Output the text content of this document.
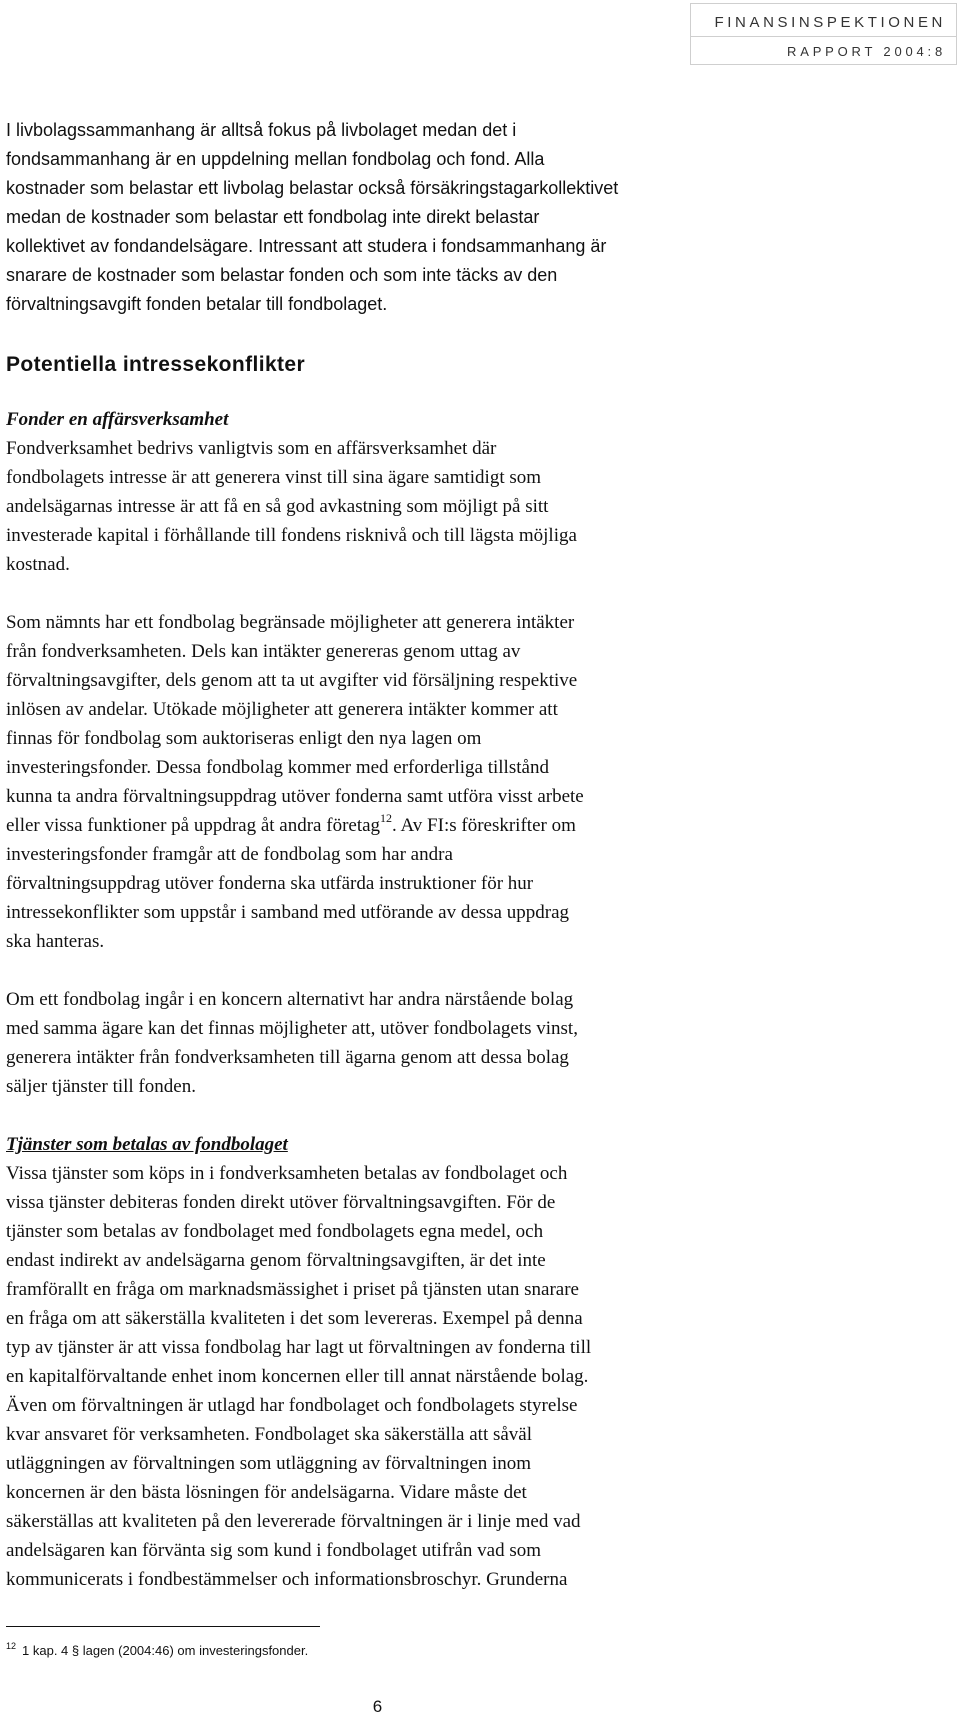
FINANSINSPEKTIONEN
RAPPORT 2004:8

I livbolagssammanhang är alltså fokus på livbolaget medan det i
fondsammanhang är en uppdelning mellan fondbolag och fond. Alla
kostnader som belastar ett livbolag belastar också försäkringstagarkollektivet
medan de kostnader som belastar ett fondbolag inte direkt belastar
kollektivet av fondandelsägare. Intressant att studera i fondsammanhang är
snarare de kostnader som belastar fonden och som inte täcks av den
förvaltningsavgift fonden betalar till fondbolaget.

Potentiella intressekonflikter
Fonder en affärsverksamhet

Fondverksamhet bedrivs vanligtvis som en affärsverksamhet där
fondbolagets intresse är att generera vinst till sina ägare samtidigt som
andelsägarnas intresse är att få en så god avkastning som möjligt på sitt
investerade kapital i förhållande till fondens risknivå och till lägsta möjliga
kostnad.

Som nämnts har ett fondbolag begränsade möjligheter att generera intäkter
från fondverksamheten. Dels kan intäkter genereras genom uttag av
förvaltningsavgifter, dels genom att ta ut avgifter vid försäljning respektive
inlösen av andelar. Utökade möjligheter att generera intäkter kommer att
finnas för fondbolag som auktoriseras enligt den nya lagen om
investeringsfonder. Dessa fondbolag kommer med erforderliga tillstånd
kunna ta andra förvaltningsuppdrag utöver fonderna samt utföra visst arbete
eller vissa funktioner på uppdrag åt andra företag$^{12}$. Av FI:s föreskrifter om
investeringsfonder framgår att de fondbolag som har andra
förvaltningsuppdrag utöver fonderna ska utfärda instruktioner för hur
intressekonflikter som uppstår i samband med utförande av dessa uppdrag
ska hanteras.

Om ett fondbolag ingår i en koncern alternativt har andra närstående bolag
med samma ägare kan det finnas möjligheter att, utöver fondbolagets vinst,
generera intäkter från fondverksamheten till ägarna genom att dessa bolag
säljer tjänster till fonden.

Tjänster som betalas av fondbolaget

Vissa tjänster som köps in i fondverksamheten betalas av fondbolaget och
vissa tjänster debiteras fonden direkt utöver förvaltningsavgiften. För de
tjänster som betalas av fondbolaget med fondbolagets egna medel, och
endast indirekt av andelsägarna genom förvaltningsavgiften, är det inte
framförallt en fråga om marknadsmässighet i priset på tjänsten utan snarare
en fråga om att säkerställa kvaliteten i det som levereras. Exempel på denna
typ av tjänster är att vissa fondbolag har lagt ut förvaltningen av fonderna till
en kapitalförvaltande enhet inom koncernen eller till annat närstående bolag.
Även om förvaltningen är utlagd har fondbolaget och fondbolagets styrelse
kvar ansvaret för verksamheten. Fondbolaget ska säkerställa att såväl
utläggningen av förvaltningen som utläggning av förvaltningen inom
koncernen är den bästa lösningen för andelsägarna. Vidare måste det
säkerställas att kvaliteten på den levererade förvaltningen är i linje med vad
andelsägaren kan förvänta sig som kund i fondbolaget utifrån vad som
kommunicerats i fondbestämmelser och informationsbroschyr. Grunderna

$^{12}$ 1 kap. 4 § lagen (2004:46) om investeringsfonder.
6
